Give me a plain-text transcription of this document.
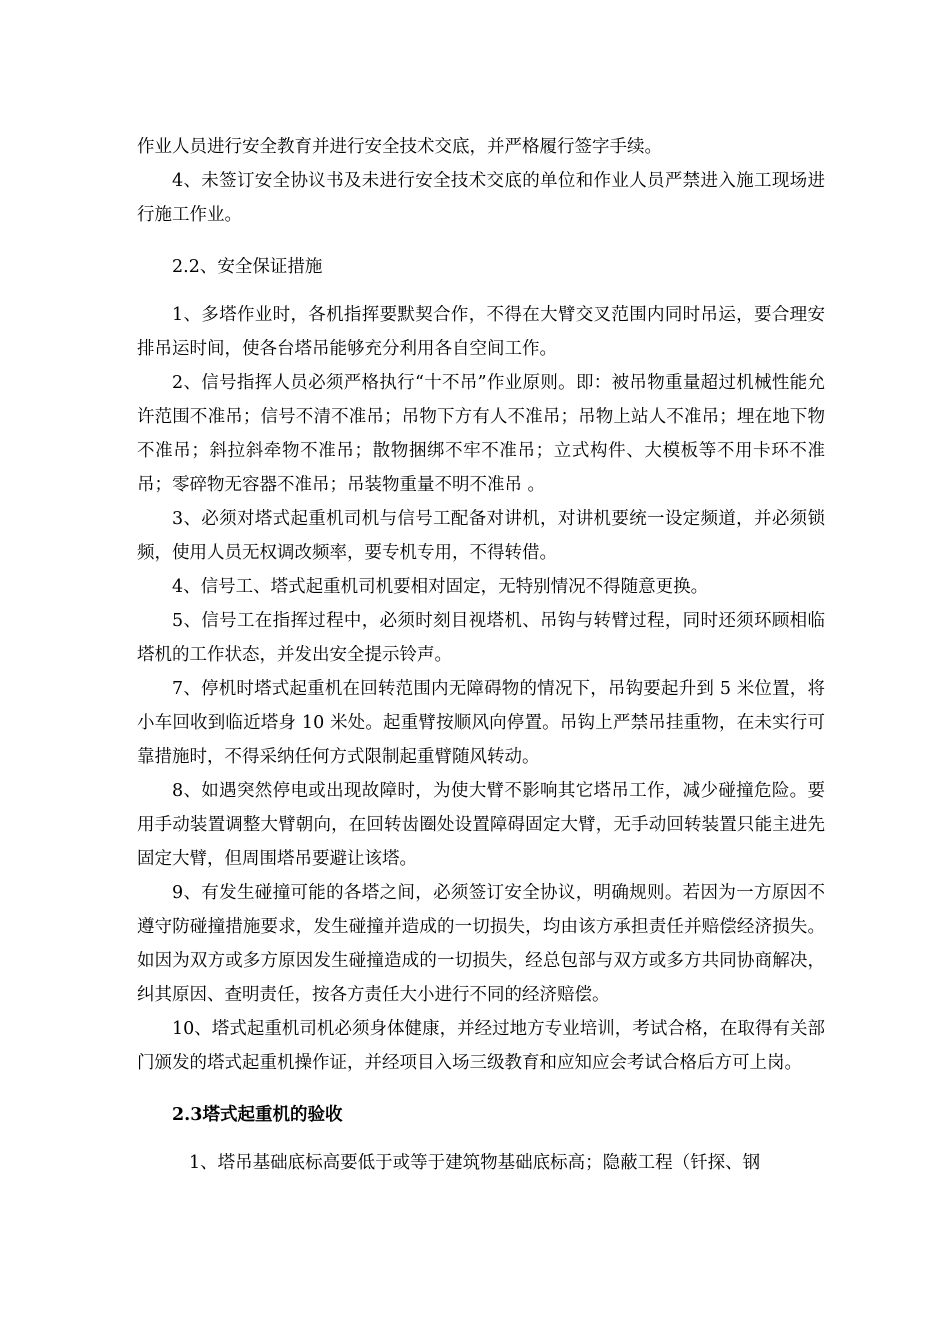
作业人员进行安全教育并进行安全技术交底，并严格履行签字手续。

4、未签订安全协议书及未进行安全技术交底的单位和作业人员严禁进入施工现场进行施工作业。

2.2、安全保证措施

1、多塔作业时，各机指挥要默契合作，不得在大臂交叉范围内同时吊运，要合理安排吊运时间，使各台塔吊能够充分利用各自空间工作。

2、信号指挥人员必须严格执行“十不吊”作业原则。即：被吊物重量超过机械性能允许范围不准吊；信号不清不准吊；吊物下方有人不准吊；吊物上站人不准吊；埋在地下物不准吊；斜拉斜牵物不准吊；散物捆绑不牢不准吊；立式构件、大模板等不用卡环不准吊；零碎物无容器不准吊；吊装物重量不明不准吊 。

3、必须对塔式起重机司机与信号工配备对讲机，对讲机要统一设定频道，并必须锁频，使用人员无权调改频率，要专机专用，不得转借。

4、信号工、塔式起重机司机要相对固定，无特别情况不得随意更换。

5、信号工在指挥过程中，必须时刻目视塔机、吊钩与转臂过程，同时还须环顾相临塔机的工作状态，并发出安全提示铃声。

7、停机时塔式起重机在回转范围内无障碍物的情况下，吊钩要起升到 5 米位置，将小车回收到临近塔身 10 米处。起重臂按顺风向停置。吊钩上严禁吊挂重物，在未实行可靠措施时，不得采纳任何方式限制起重臂随风转动。

8、如遇突然停电或出现故障时，为使大臂不影响其它塔吊工作，减少碰撞危险。要用手动装置调整大臂朝向，在回转齿圈处设置障碍固定大臂，无手动回转装置只能主进先固定大臂，但周围塔吊要避让该塔。

9、有发生碰撞可能的各塔之间，必须签订安全协议，明确规则。若因为一方原因不遵守防碰撞措施要求，发生碰撞并造成的一切损失，均由该方承担责任并赔偿经济损失。如因为双方或多方原因发生碰撞造成的一切损失，经总包部与双方或多方共同协商解决，纠其原因、查明责任，按各方责任大小进行不同的经济赔偿。

10、塔式起重机司机必须身体健康，并经过地方专业培训，考试合格，在取得有关部门颁发的塔式起重机操作证，并经项目入场三级教育和应知应会考试合格后方可上岗。

2.3塔式起重机的验收

1、塔吊基础底标高要低于或等于建筑物基础底标高；隐蔽工程（钎探、钢
